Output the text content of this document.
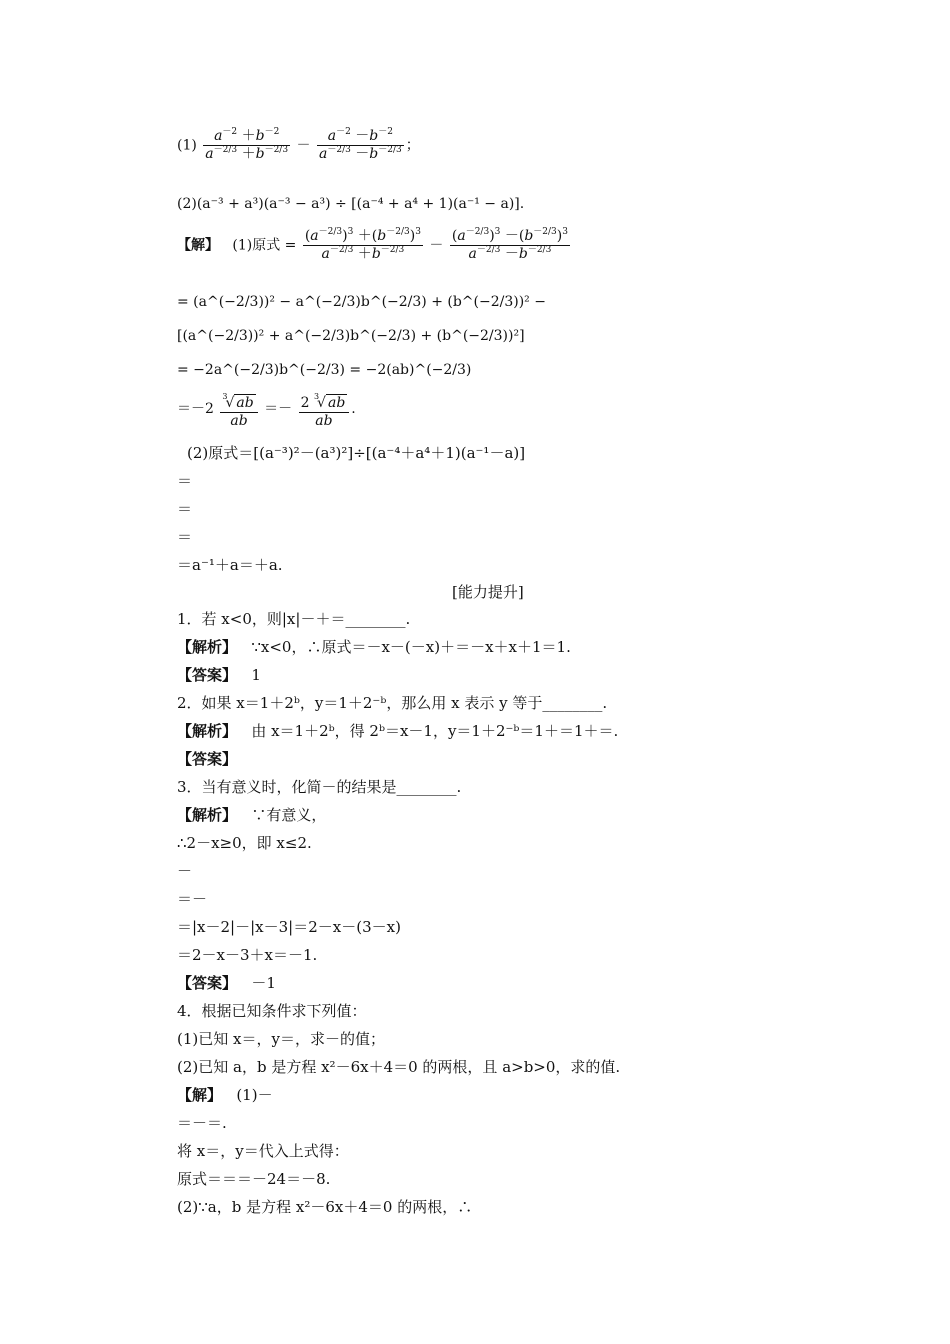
$(1) \frac{a^{-2} +b^{-2}}{a^{-2/3} +b^{-2/3}} - \frac{a^{-2} -b^{-2}}{a^{-2/3} -b^{-2/3}}$ ；
(2)(a⁻³ + a³)(a⁻³ − a³) ÷ [(a⁻⁴ + a⁴ + 1)(a⁻¹ − a)].
【解】 (1)原式 = $\frac{(a^{-2/3})^3 +(b^{-2/3})^3}{a^{-2/3} +b^{-2/3}} - \frac{(a^{-2/3})^3 -(b^{-2/3})^3}{a^{-2/3} -b^{-2/3}}$
= (a^(−2/3))² − a^(−2/3)b^(−2/3) + (b^(−2/3))² −
[(a^(−2/3))² + a^(−2/3)b^(−2/3) + (b^(−2/3))²]
= −2a^(−2/3)b^(−2/3) = −2(ab)^(−2/3)
$=-2 \frac{^3√ ab}{ab} =- \frac{2 ^3√ ab}{ab}$ .
(2)原式＝[(a⁻³)²－(a³)²]÷[(a⁻⁴＋a⁴＋1)(a⁻¹－a)]
＝
＝
＝
＝a⁻¹＋a＝＋a.
[能力提升]
1．若 x<0，则|x|－＋＝________.
【解析】 ∵x<0，∴原式＝－x－(－x)＋＝－x＋x＋1＝1.
【答案】 1
2．如果 x＝1＋2ᵇ，y＝1＋2⁻ᵇ，那么用 x 表示 y 等于________.
【解析】 由 x＝1＋2ᵇ，得 2ᵇ＝x－1，y＝1＋2⁻ᵇ＝1＋＝1＋＝.
【答案】
3．当有意义时，化简－的结果是________.
【解析】 ∵有意义，
∴2－x≥0，即 x≤2.
－
＝－
＝|x－2|－|x－3|＝2－x－(3－x)
＝2－x－3＋x＝－1.
【答案】 －1
4．根据已知条件求下列值：
(1)已知 x＝，y＝，求－的值；
(2)已知 a，b 是方程 x²－6x＋4＝0 的两根，且 a>b>0，求的值.
【解】 (1)－
＝－＝.
将 x＝，y＝代入上式得：
原式＝＝＝－24＝－8.
(2)∵a，b 是方程 x²－6x＋4＝0 的两根，∴
